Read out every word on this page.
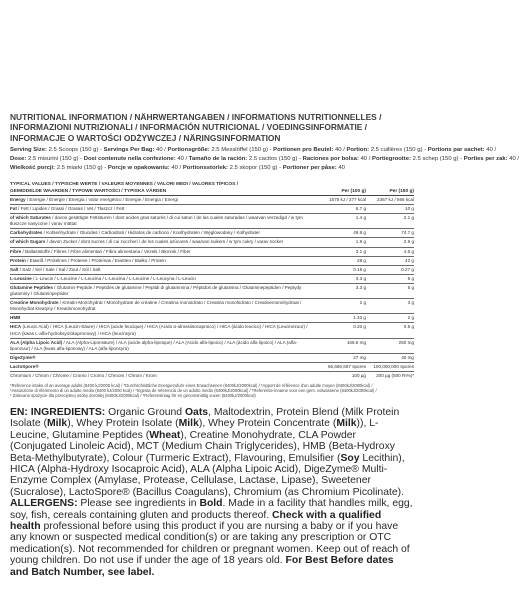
NUTRITIONAL INFORMATION / NÄHRWERTANGABEN / INFORMATIONS NUTRITIONNELLES /
INFORMAZIONI NUTRIZIONALI / INFORMACIÓN NUTRICIONAL / VOEDINGSINFORMATIE /
INFORMACJE O WARTOŚCI ODŻYWCZEJ / NÄRINGSINFORMATION
Serving Size: 2.5 Scoops (150 g) - Servings Per Bag: 40 / Portionsgröße: 2.5 Messlöffel (150 g) - Portionen pro Beutel: 40 / Portion: 2.5 cuillères (150 g) - Portions par sachet: 40 /
Dose: 2.5 misurini (150 g) - Dosi contenute nella confezione: 40 / Tamaño de la ración: 2.5 cacitos (150 g) - Raciones por bolsa: 40 / Portiegrootte: 2.5 schep (150 g) - Porties per zak: 40 /
Wielkość porcji: 2.5 miarki (150 g) - Porcje w opakowaniu: 40 / Portionsstorlek: 2.5 skopor (150 g) - Portioner per påse: 40
TYPICAL VALUES / TYPISCHE WERTE / VALEURS MOYENNES / VALORI MEDI / VALORES TÍPICOS /		
GEMIDDELDE WAARDEN / TYPOWE WARTOŚCI / TYPISKA VÄRDEN	Per (100 g)	Per (150 g)
Energy / Energie / Énergie / Energia / Valor energético / Energie / Energia / Energi	1578 kJ / 377 kcal	2367 kJ / 566 kcal
Fat / Fett / Lipides / Grassi / Grasas / Vet / Tłuszcz / Fett	6.7 g	10 g
of which Saturates / davon gesättigte Fettsäuren / dont acides gras saturés / di cui saturi / de las cuales saturadas / waarvan verzadigd / w tym tłuszcze nasycone / varav mättat	1.4 g	2.1 g
Carbohydrates / Kohlenhydrate / Glucides / Carboidrati / Hidratos de carbono / Koolhydraten / Węglowodany / Kolhydrater	49.8 g	74.7 g
of which Sugars / davon Zucker / dont sucres / di cui zuccheri / de los cuales azúcares / waarvan suikers / w tym cukry / varav socker	1.9 g	2.9 g
Fibre / Ballaststoffe / Fibres / Fibre alimentari / Fibra alimentaria / Vezels / Błonnik / Fiber	3.1 g	4.6 g
Protein / Eiweiß / Protéines / Proteine / Proteínas / Eiwitten / Białko / Protein	28 g	42 g
Salt / Salz / Sel / Sale / Sal / Zout / Sól / Salt	0.18 g	0.27 g
L-Leucine / L-Leucin / L-Leucine / L-Leucina / L-Leucina / L-Leucine / L-Leucyna / L-Leucin	3.3 g	5 g
Glutamine Peptides / Glutamin-Peptide / Peptides de glutamine / Peptidi di glutammina / Péptidos de glutamina / Glutaminepeptiden / Peptydy glutaminy / Glutaminpeptider	3.3 g	5 g
Creatine Monohydrate / Kreatin-Monohydrat / Monohydrate de créatine / Creatina monoidrato / Creatina monohidrato / Creatinemonohydraat / Monohydrat kreatyny / Kreatinmonohydrat	2 g	3 g
HMB	1.33 g	2 g
HICA (Leucic Acid) / HICA (Leucin-Säure) / HICA (acide leucique) / HICA (Acido α-idrossiisocaproico) / HICA (ácido leucico) / HICA (Leucinezuur) / HICA (kwas L-alfa-hydroksyizokapronowy) / HICA (leucinsyra)	0.33 g	0.5 g
ALA (Alpha Lipoic Acid) / ALA (Alpha-Liponsäure) / ALA (acide alpha-lipoïque) / ALA (Acido alfa-lipoico) / ALA (ácido alfa lipoico) / ALA (alfa-liponzuur) / ALA (kwas alfa-liponowy) / ALA (alfa-liponsyra)	166.6 mg	250 mg
DigeZyme®	27 mg	40 mg
LactoSpore®	66,666,667 spores	100,000,000 spores
Chromium / Chrom / Chrome / Cromo / Cromo / Chroom / Chrom / Krom	100 µg	200 µg (500 RI%)*
*Reference intake of an average adults (8400 kJ/2000 kcal) / *Durchschnittliche Energiezufuhr eines Erwachsenen (8400kJ/2000kcal) / *Apport de référence d'un adulte moyen (8400kJ/2000kcal) /
*Assunzione di riferimento di un adulto medio (8400 kJ/2000 kcal) / *Ingesta de referencia de un adulto medio (8400kJ/2000kcal) / *Referentie-inname voor een gem. volwassene (8400kJ/2000kcal) /
* Zalecane spożycie dla przeciętnej osoby dorosłej (8400kJ/2000kcal) / *Referensintag för en genomsnittlig vuxen (8400kJ/2000kcal)
EN: INGREDIENTS: Organic Ground Oats, Maltodextrin, Protein Blend (Milk Protein Isolate (Milk), Whey Protein Isolate (Milk), Whey Protein Concentrate (Milk)), L-Leucine, Glutamine Peptides (Wheat), Creatine Monohydrate, CLA Powder (Conjugated Linoleic Acid), MCT (Medium Chain Triglycerides), HMB (Beta-Hydroxy Beta-Methylbutyrate), Colour (Turmeric Extract), Flavouring, Emulsifier (Soy Lecithin), HICA (Alpha-Hydroxy Isocaproic Acid), ALA (Alpha Lipoic Acid), DigeZyme® Multi-Enzyme Complex (Amylase, Protease, Cellulase, Lactase, Lipase), Sweetener (Sucralose), LactoSpore® (Bacillus Coagulans), Chromium (as Chromium Picolinate). ALLERGENS: Please see ingredients in Bold. Made in a facility that handles milk, egg, soy, fish, cereals containing gluten and products thereof. Check with a qualified health professional before using this product if you are nursing a baby or if you have any known or suspected medical condition(s) or are taking any prescription or OTC medication(s). Not recommended for children or pregnant women. Keep out of reach of young children. Do not use if under the age of 18 years old. For Best Before dates and Batch Number, see label.
